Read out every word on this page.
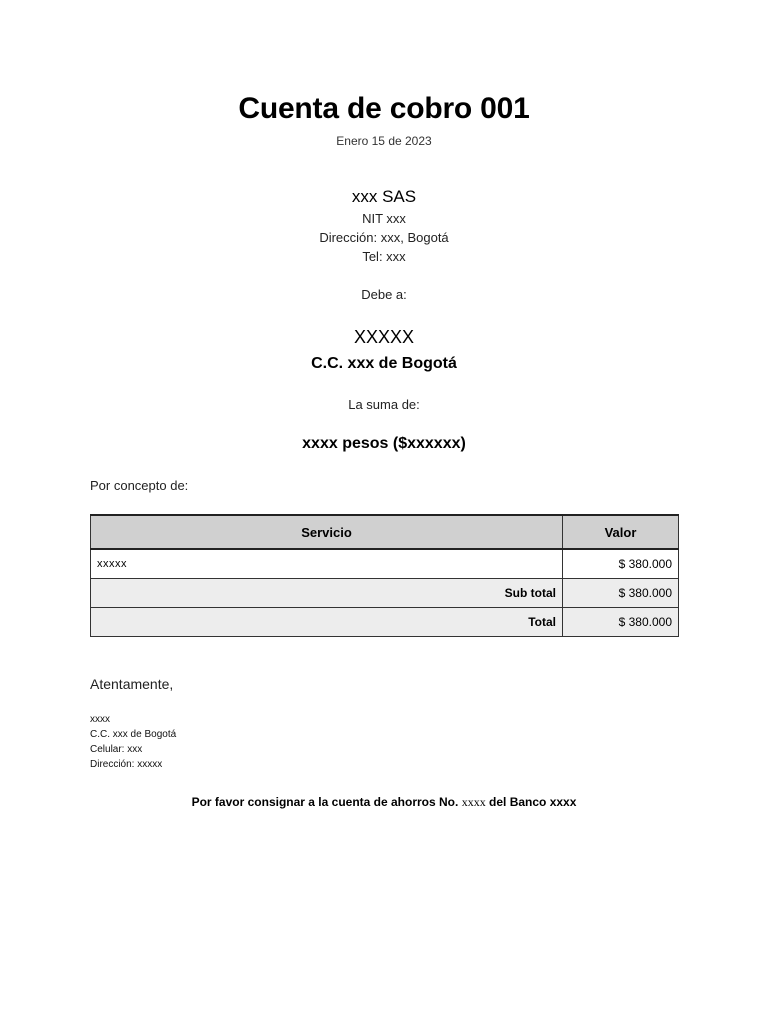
Cuenta de cobro 001
Enero 15 de 2023
xxx SAS
NIT xxx
Dirección: xxx, Bogotá
Tel: xxx
Debe a:
XXXXX
C.C. xxx de Bogotá
La suma de:
xxxx pesos ($xxxxxx)
Por concepto de:
Servicio	Valor
xxxxx	$ 380.000
Sub total	$ 380.000
Total	$ 380.000
Atentamente,
xxxx
C.C. xxx de Bogotá
Celular: xxx
Dirección: xxxxx
Por favor consignar a la cuenta de ahorros No. xxxx del Banco xxxx
